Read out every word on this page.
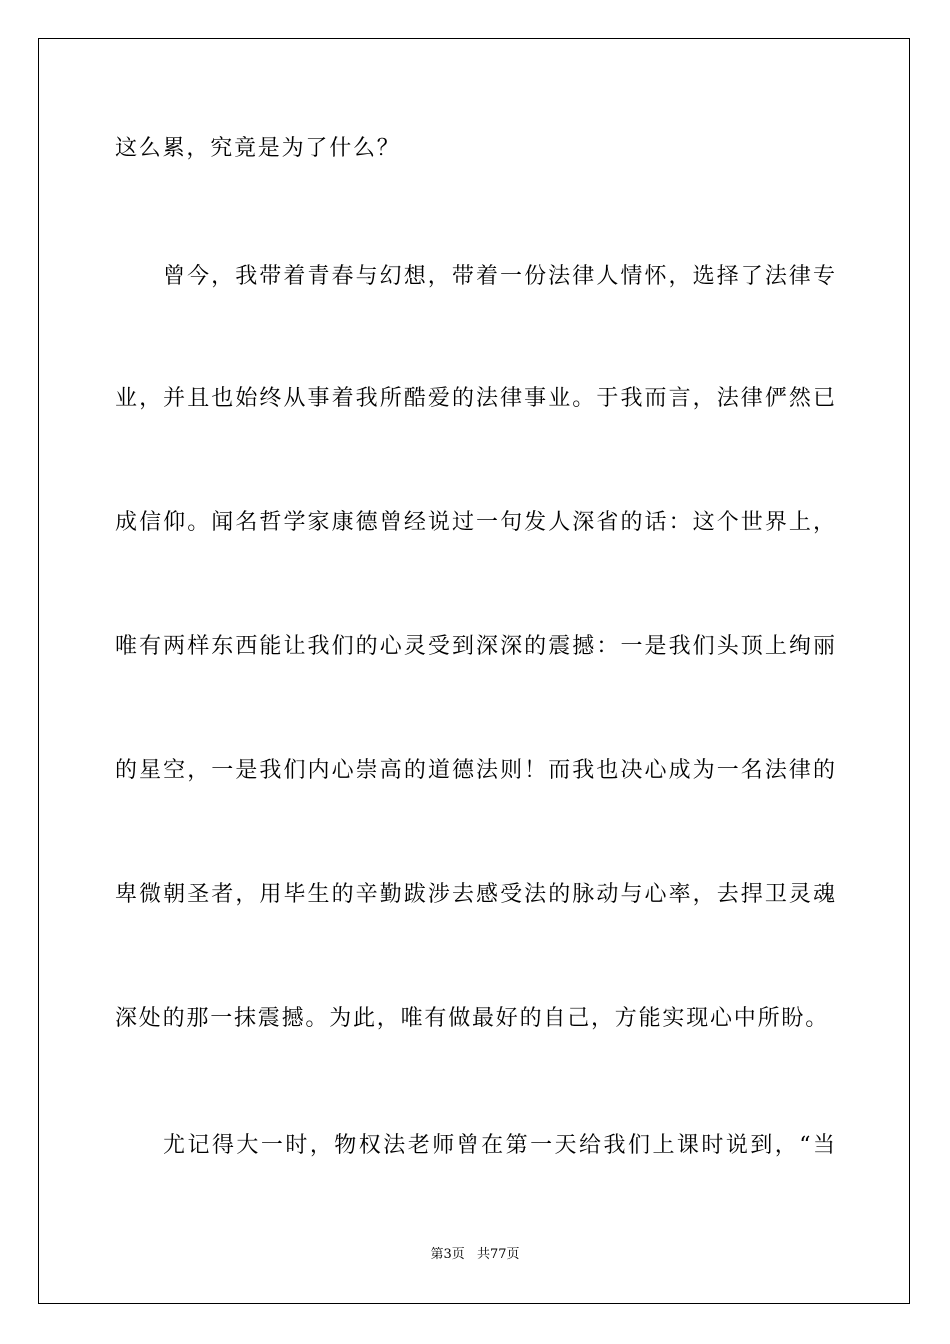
这么累，究竟是为了什么？
曾今，我带着青春与幻想，带着一份法律人情怀，选择了法律专
业，并且也始终从事着我所酷爱的法律事业。于我而言，法律俨然已
成信仰。闻名哲学家康德曾经说过一句发人深省的话：这个世界上，
唯有两样东西能让我们的心灵受到深深的震撼：一是我们头顶上绚丽
的星空，一是我们内心崇高的道德法则！而我也决心成为一名法律的
卑微朝圣者，用毕生的辛勤跋涉去感受法的脉动与心率，去捍卫灵魂
深处的那一抹震撼。为此，唯有做最好的自己，方能实现心中所盼。
尤记得大一时，物权法老师曾在第一天给我们上课时说到，“当
第3页 共77页
